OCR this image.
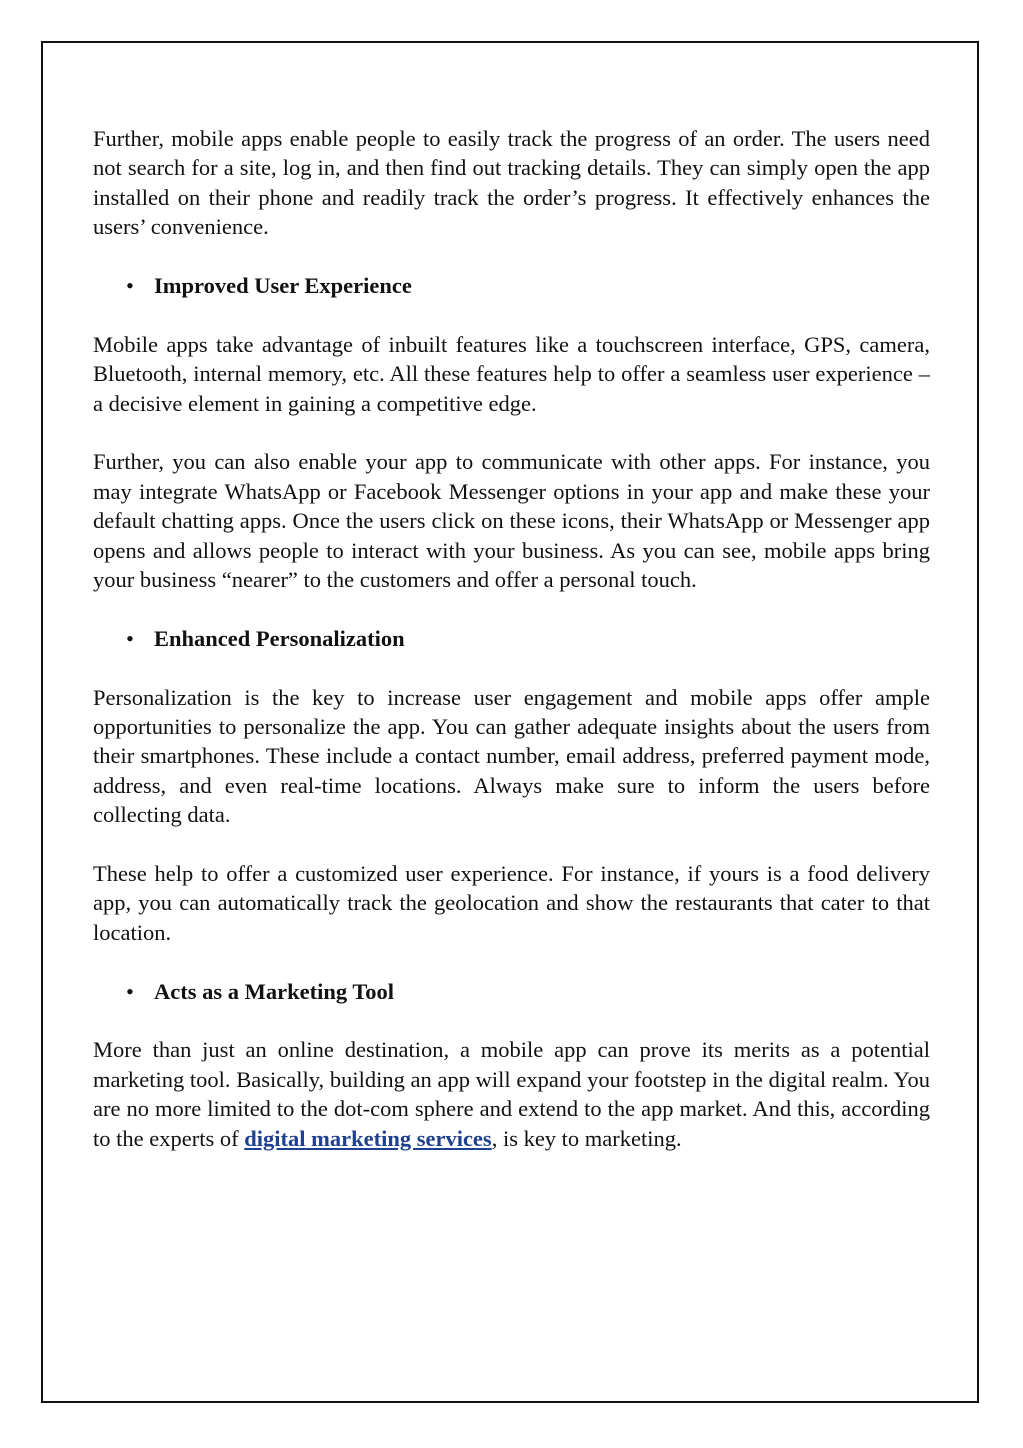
Further, mobile apps enable people to easily track the progress of an order. The users need not search for a site, log in, and then find out tracking details. They can simply open the app installed on their phone and readily track the order’s progress. It effectively enhances the users’ convenience.

• Improved User Experience

Mobile apps take advantage of inbuilt features like a touchscreen interface, GPS, camera, Bluetooth, internal memory, etc. All these features help to offer a seamless user experience – a decisive element in gaining a competitive edge.

Further, you can also enable your app to communicate with other apps. For instance, you may integrate WhatsApp or Facebook Messenger options in your app and make these your default chatting apps. Once the users click on these icons, their WhatsApp or Messenger app opens and allows people to interact with your business. As you can see, mobile apps bring your business “nearer” to the customers and offer a personal touch.

• Enhanced Personalization

Personalization is the key to increase user engagement and mobile apps offer ample opportunities to personalize the app. You can gather adequate insights about the users from their smartphones. These include a contact number, email address, preferred payment mode, address, and even real-time locations. Always make sure to inform the users before collecting data.

These help to offer a customized user experience. For instance, if yours is a food delivery app, you can automatically track the geolocation and show the restaurants that cater to that location.

• Acts as a Marketing Tool

More than just an online destination, a mobile app can prove its merits as a potential marketing tool. Basically, building an app will expand your footstep in the digital realm. You are no more limited to the dot-com sphere and extend to the app market. And this, according to the experts of digital marketing services, is key to marketing.
